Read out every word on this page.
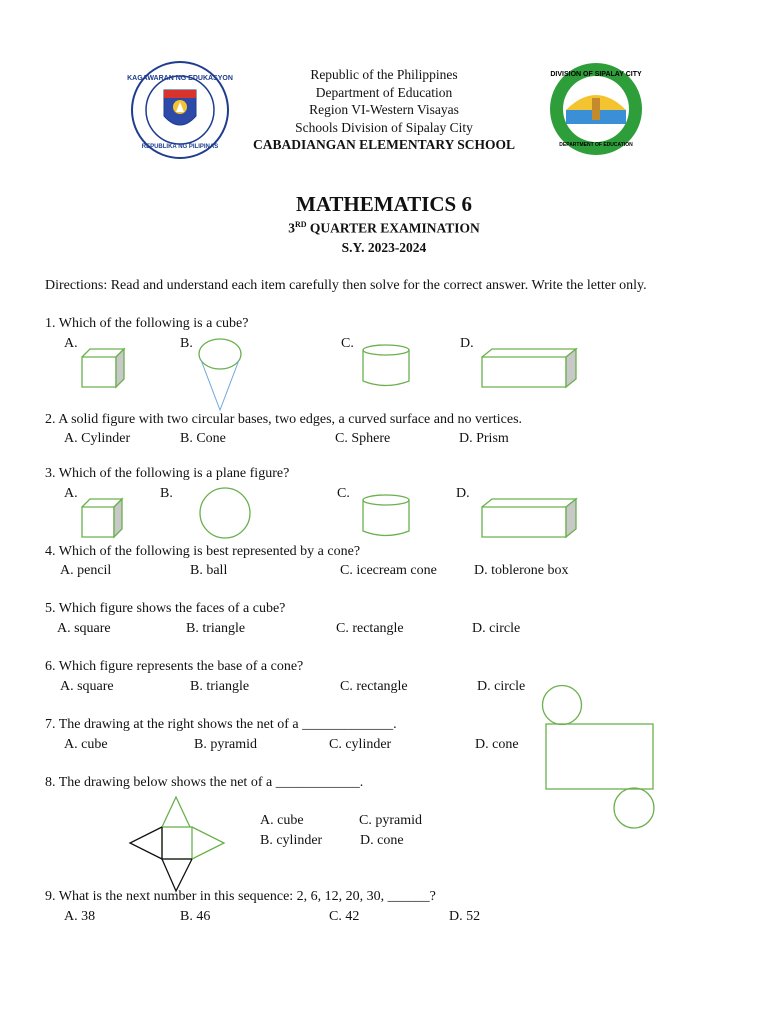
KAGAWARAN NG EDUKASYON
REPUBLIKA NG PILIPINAS
DIVISION OF SIPALAY CITY
DEPARTMENT OF EDUCATION
Republic of the Philippines
Department of Education
Region VI-Western Visayas
Schools Division of Sipalay City
CABADIANGAN ELEMENTARY SCHOOL
MATHEMATICS 6
3RD QUARTER EXAMINATION
S.Y. 2023-2024
Directions: Read and understand each item carefully then solve for the correct answer. Write the letter only.
1. Which of the following is a cube?
A.	B.	C.	D.
2. A solid figure with two circular bases, two edges, a curved surface and no vertices.
A. Cylinder	B. Cone	C. Sphere	D. Prism
3. Which of the following is a plane figure?
A.	B.	C.	D.
4. Which of the following is best represented by a cone?
A. pencil	B. ball	C. icecream cone	D. toblerone box
5. Which figure shows the faces of a cube?
A. square	B. triangle	C. rectangle	D. circle
6. Which figure represents the base of a cone?
A. square	B. triangle	C. rectangle	D. circle
7. The drawing at the right shows the net of a _____________.
A. cube	B. pyramid	C. cylinder	D. cone
8. The drawing below shows the net of a ____________.
A. cube	C. pyramid
B. cylinder	D. cone
9. What is the next number in this sequence: 2, 6, 12, 20, 30, ______?
A. 38	B. 46	C. 42	D. 52
